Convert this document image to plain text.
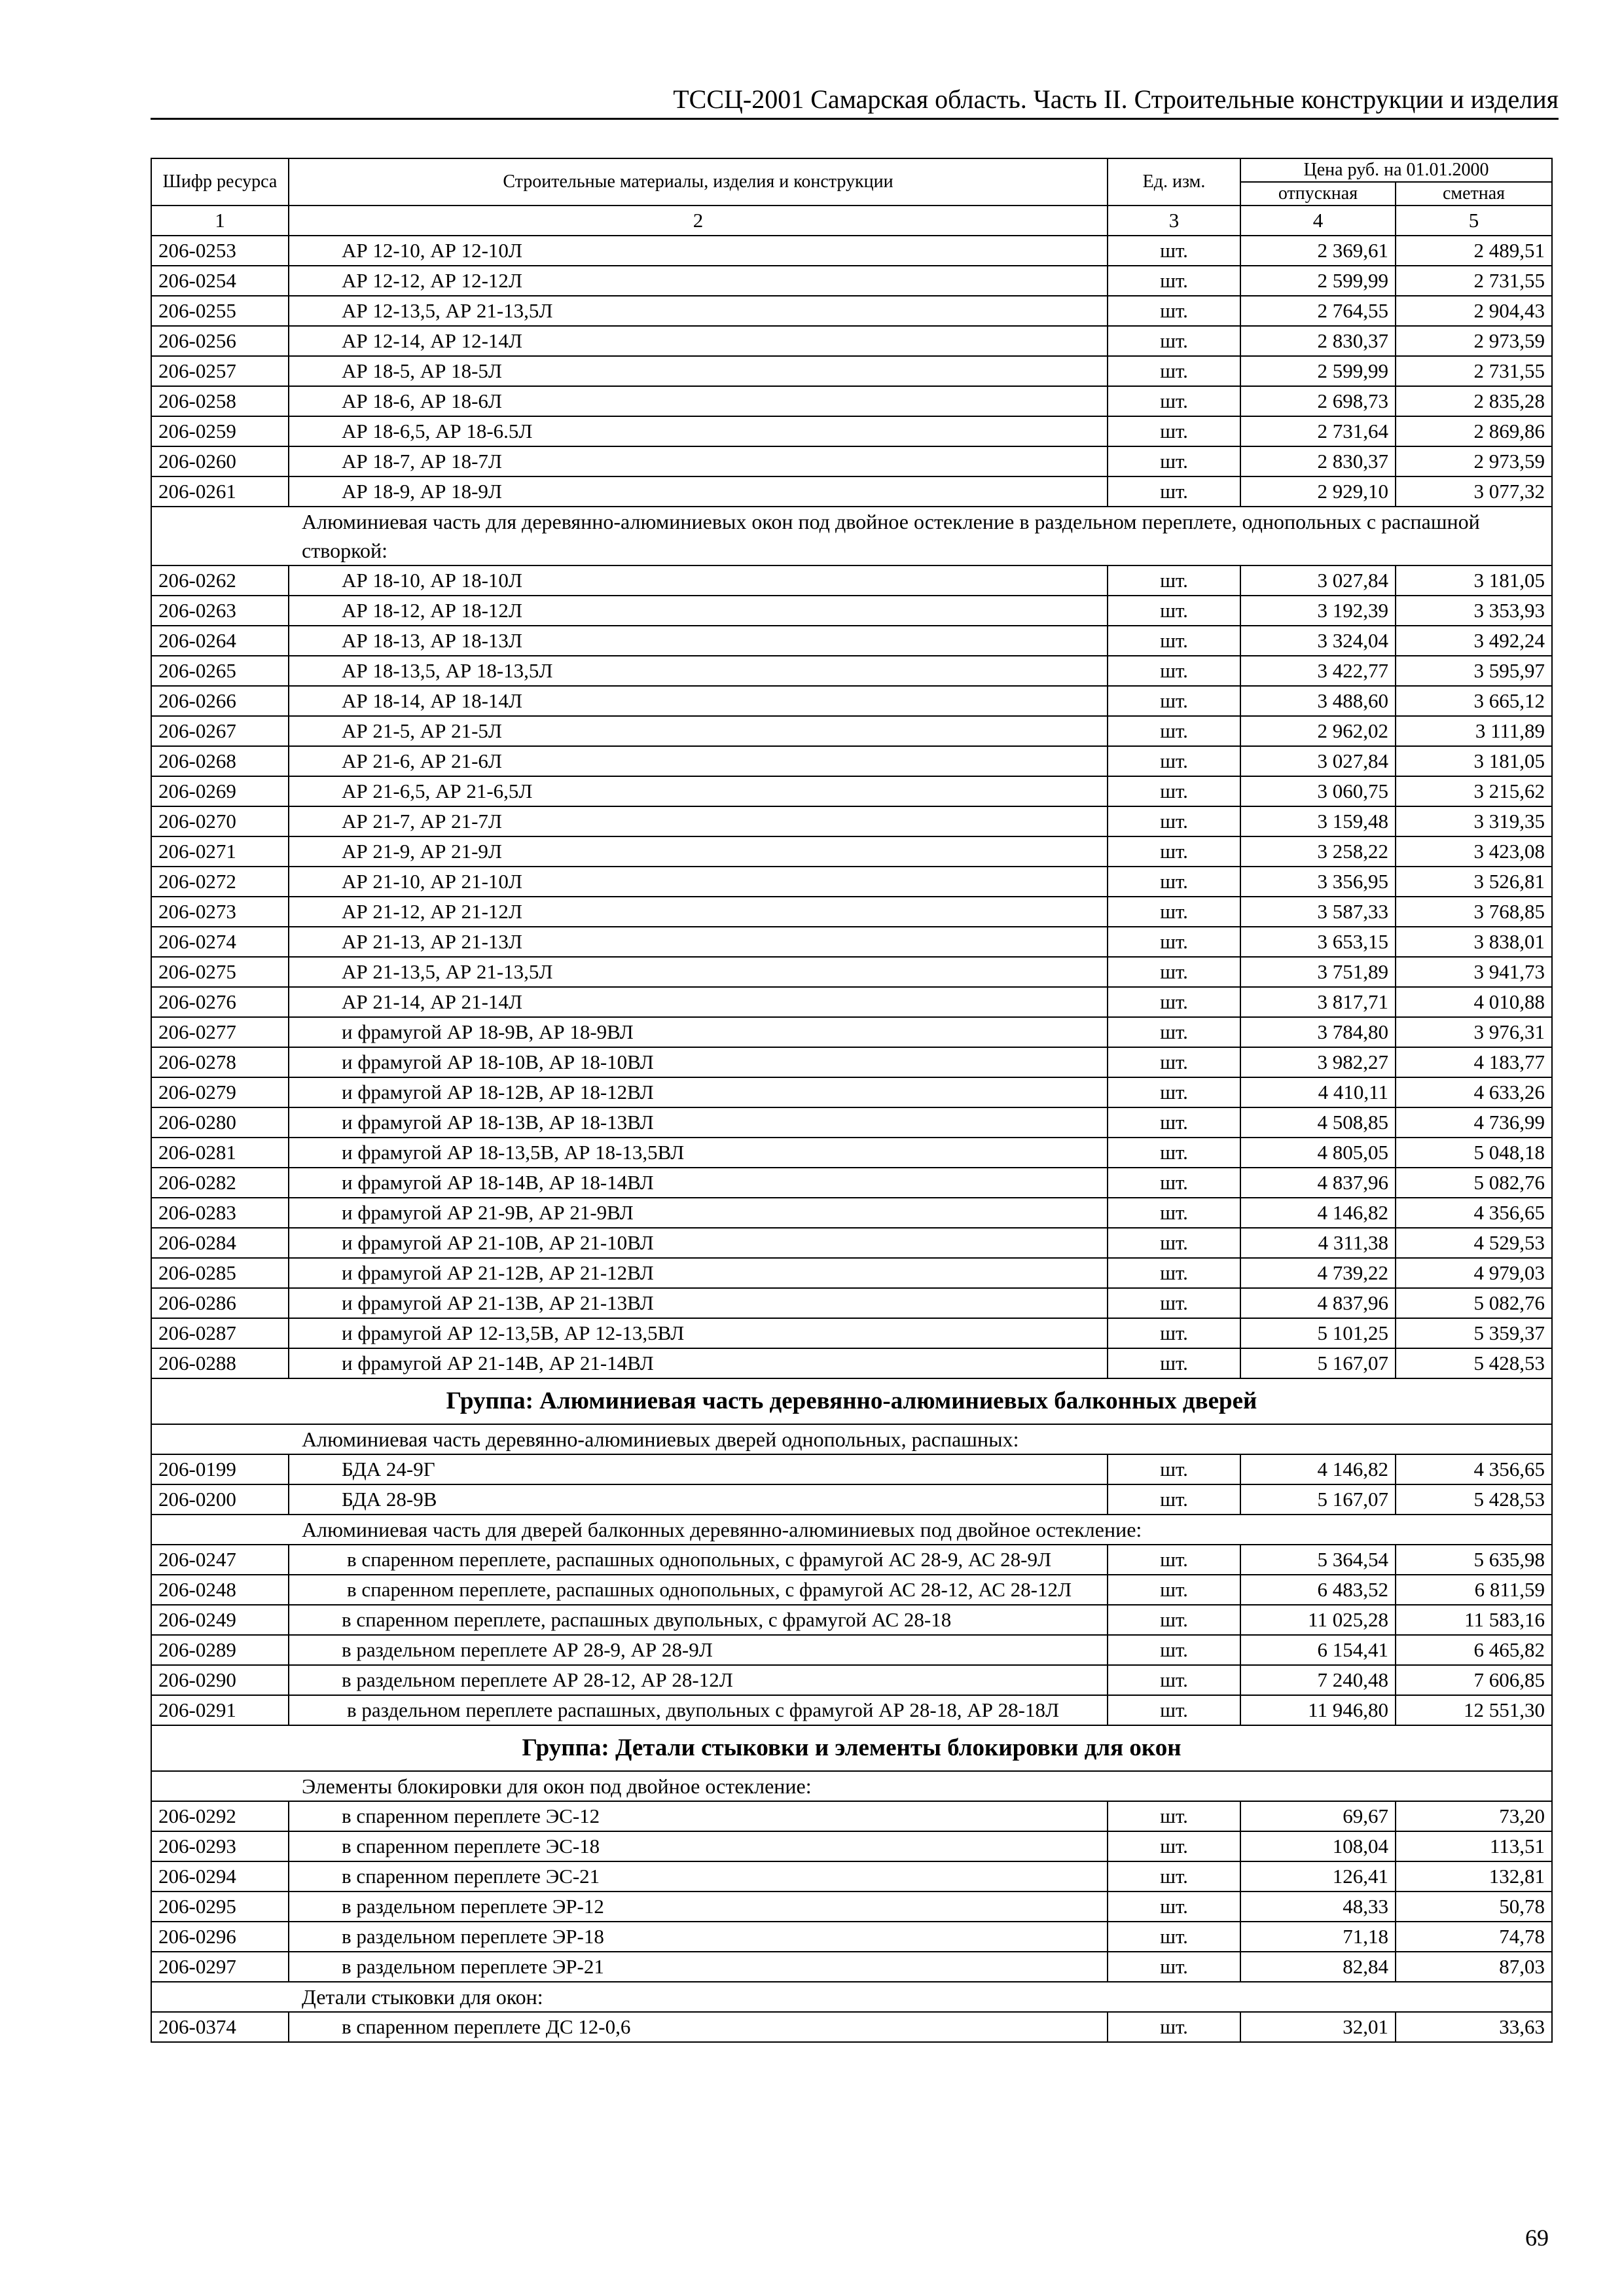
ТССЦ-2001 Самарская область. Часть II. Строительные конструкции и изделия
Шифр ресурса	Строительные материалы, изделия и конструкции	Ед. изм.	Цена руб. на 01.01.2000	
			отпускная	сметная
1	2	3	4	5
206-0253	АР 12-10, АР 12-10Л	шт.	2 369,61	2 489,51
206-0254	АР 12-12, АР 12-12Л	шт.	2 599,99	2 731,55
206-0255	АР 12-13,5, АР 21-13,5Л	шт.	2 764,55	2 904,43
206-0256	АР 12-14, АР 12-14Л	шт.	2 830,37	2 973,59
206-0257	АР 18-5, АР 18-5Л	шт.	2 599,99	2 731,55
206-0258	АР 18-6, АР 18-6Л	шт.	2 698,73	2 835,28
206-0259	АР 18-6,5, АР 18-6.5Л	шт.	2 731,64	2 869,86
206-0260	АР 18-7, АР 18-7Л	шт.	2 830,37	2 973,59
206-0261	АР 18-9, АР 18-9Л	шт.	2 929,10	3 077,32
Алюминиевая часть для деревянно-алюминиевых окон под двойное остекление в раздельном переплете, однопольных с распашной створкой:				
206-0262	АР 18-10, АР 18-10Л	шт.	3 027,84	3 181,05
206-0263	АР 18-12, АР 18-12Л	шт.	3 192,39	3 353,93
206-0264	АР 18-13, АР 18-13Л	шт.	3 324,04	3 492,24
206-0265	АР 18-13,5, АР 18-13,5Л	шт.	3 422,77	3 595,97
206-0266	АР 18-14, АР 18-14Л	шт.	3 488,60	3 665,12
206-0267	АР 21-5, АР 21-5Л	шт.	2 962,02	3 111,89
206-0268	АР 21-6, АР 21-6Л	шт.	3 027,84	3 181,05
206-0269	АР 21-6,5, АР 21-6,5Л	шт.	3 060,75	3 215,62
206-0270	АР 21-7, АР 21-7Л	шт.	3 159,48	3 319,35
206-0271	АР 21-9, АР 21-9Л	шт.	3 258,22	3 423,08
206-0272	АР 21-10, АР 21-10Л	шт.	3 356,95	3 526,81
206-0273	АР 21-12, АР 21-12Л	шт.	3 587,33	3 768,85
206-0274	АР 21-13, АР 21-13Л	шт.	3 653,15	3 838,01
206-0275	АР 21-13,5, АР 21-13,5Л	шт.	3 751,89	3 941,73
206-0276	АР 21-14, АР 21-14Л	шт.	3 817,71	4 010,88
206-0277	и фрамугой АР 18-9В, АР 18-9ВЛ	шт.	3 784,80	3 976,31
206-0278	и фрамугой АР 18-10В, АР 18-10ВЛ	шт.	3 982,27	4 183,77
206-0279	и фрамугой АР 18-12В, АР 18-12ВЛ	шт.	4 410,11	4 633,26
206-0280	и фрамугой АР 18-13В, АР 18-13ВЛ	шт.	4 508,85	4 736,99
206-0281	и фрамугой АР 18-13,5В, АР 18-13,5ВЛ	шт.	4 805,05	5 048,18
206-0282	и фрамугой АР 18-14В, АР 18-14ВЛ	шт.	4 837,96	5 082,76
206-0283	и фрамугой АР 21-9В, АР 21-9ВЛ	шт.	4 146,82	4 356,65
206-0284	и фрамугой АР 21-10В, АР 21-10ВЛ	шт.	4 311,38	4 529,53
206-0285	и фрамугой АР 21-12В, АР 21-12ВЛ	шт.	4 739,22	4 979,03
206-0286	и фрамугой АР 21-13В, АР 21-13ВЛ	шт.	4 837,96	5 082,76
206-0287	и фрамугой АР 12-13,5В, АР 12-13,5ВЛ	шт.	5 101,25	5 359,37
206-0288	и фрамугой АР 21-14В, АР 21-14ВЛ	шт.	5 167,07	5 428,53
Группа: Алюминиевая часть деревянно-алюминиевых балконных дверей				
Алюминиевая часть деревянно-алюминиевых дверей однопольных, распашных:				
206-0199	БДА 24-9Г	шт.	4 146,82	4 356,65
206-0200	БДА 28-9В	шт.	5 167,07	5 428,53
Алюминиевая часть для дверей балконных деревянно-алюминиевых под двойное остекление:				
206-0247	в спаренном переплете, распашных однопольных, с фрамугой АС 28-9, АС 28-9Л	шт.	5 364,54	5 635,98
206-0248	в спаренном переплете, распашных однопольных, с фрамугой АС 28-12, АС 28-12Л	шт.	6 483,52	6 811,59
206-0249	в спаренном переплете, распашных двупольных, с фрамугой АС 28-18	шт.	11 025,28	11 583,16
206-0289	в раздельном переплете АР 28-9, АР 28-9Л	шт.	6 154,41	6 465,82
206-0290	в раздельном переплете АР 28-12, АР 28-12Л	шт.	7 240,48	7 606,85
206-0291	в раздельном переплете распашных, двупольных с фрамугой АР 28-18, АР 28-18Л	шт.	11 946,80	12 551,30
Группа: Детали стыковки и элементы блокировки для окон				
Элементы блокировки для окон под двойное остекление:				
206-0292	в спаренном переплете ЭС-12	шт.	69,67	73,20
206-0293	в спаренном переплете ЭС-18	шт.	108,04	113,51
206-0294	в спаренном переплете ЭС-21	шт.	126,41	132,81
206-0295	в раздельном переплете ЭР-12	шт.	48,33	50,78
206-0296	в раздельном переплете ЭР-18	шт.	71,18	74,78
206-0297	в раздельном переплете ЭР-21	шт.	82,84	87,03
Детали стыковки для окон:				
206-0374	в спаренном переплете ДС 12-0,6	шт.	32,01	33,63
69
